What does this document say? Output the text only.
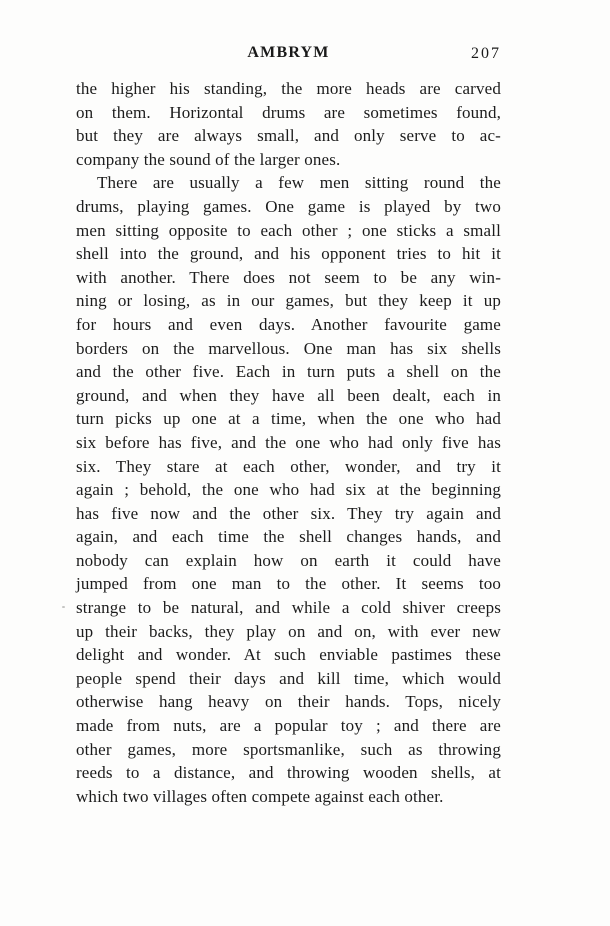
AMBRYM	207
the higher his standing, the more heads are carved
on them. Horizontal drums are sometimes found,
but they are always small, and only serve to ac-
company the sound of the larger ones.
There are usually a few men sitting round the
drums, playing games. One game is played by two
men sitting opposite to each other ; one sticks a small
shell into the ground, and his opponent tries to hit it
with another. There does not seem to be any win-
ning or losing, as in our games, but they keep it up
for hours and even days. Another favourite game
borders on the marvellous. One man has six shells
and the other five. Each in turn puts a shell on the
ground, and when they have all been dealt, each in
turn picks up one at a time, when the one who had
six before has five, and the one who had only five has
six. They stare at each other, wonder, and try it
again ; behold, the one who had six at the beginning
has five now and the other six. They try again and
again, and each time the shell changes hands, and
nobody can explain how on earth it could have
jumped from one man to the other. It seems too
strange to be natural, and while a cold shiver creeps
up their backs, they play on and on, with ever new
delight and wonder. At such enviable pastimes these
people spend their days and kill time, which would
otherwise hang heavy on their hands. Tops, nicely
made from nuts, are a popular toy ; and there are
other games, more sportsmanlike, such as throwing
reeds to a distance, and throwing wooden shells, at
which two villages often compete against each other.
